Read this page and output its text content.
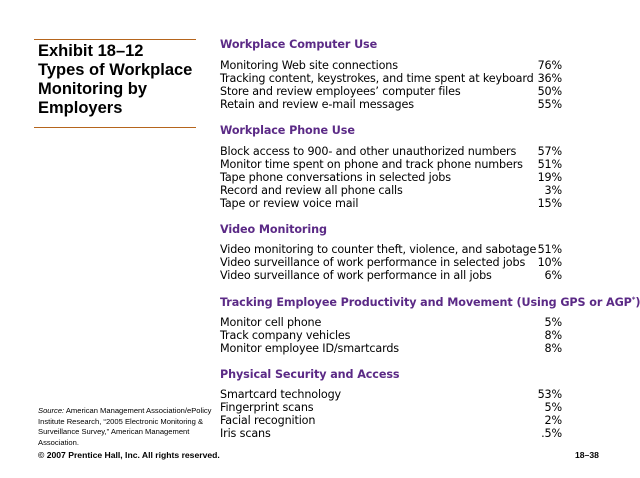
Exhibit 18–12
Types of Workplace
Monitoring by
Employers
Source: American Management Association/ePolicy Institute Research, “2005 Electronic Monitoring & Surveillance Survey,” American Management Association.
© 2007 Prentice Hall, Inc. All rights reserved.	18–38
Workplace Computer Use
Monitoring Web site connections	76%
Tracking content, keystrokes, and time spent at keyboard 36%
Store and review employees’ computer files	50%
Retain and review e-mail messages	55%
Workplace Phone Use
Block access to 900- and other unauthorized numbers 57%
Monitor time spent on phone and track phone numbers 51%
Tape phone conversations in selected jobs	19%
Record and review all phone calls	3%
Tape or review voice mail	15%
Video Monitoring
Video monitoring to counter theft, violence, and sabotage 51%
Video surveillance of work performance in selected jobs 10%
Video surveillance of work performance in all jobs	6%
Tracking Employee Productivity and Movement (Using GPS or AGP*)
Monitor cell phone	5%
Track company vehicles	8%
Monitor employee ID/smartcards	8%
Physical Security and Access
Smartcard technology	53%
Fingerprint scans	5%
Facial recognition	2%
Iris scans	.5%
